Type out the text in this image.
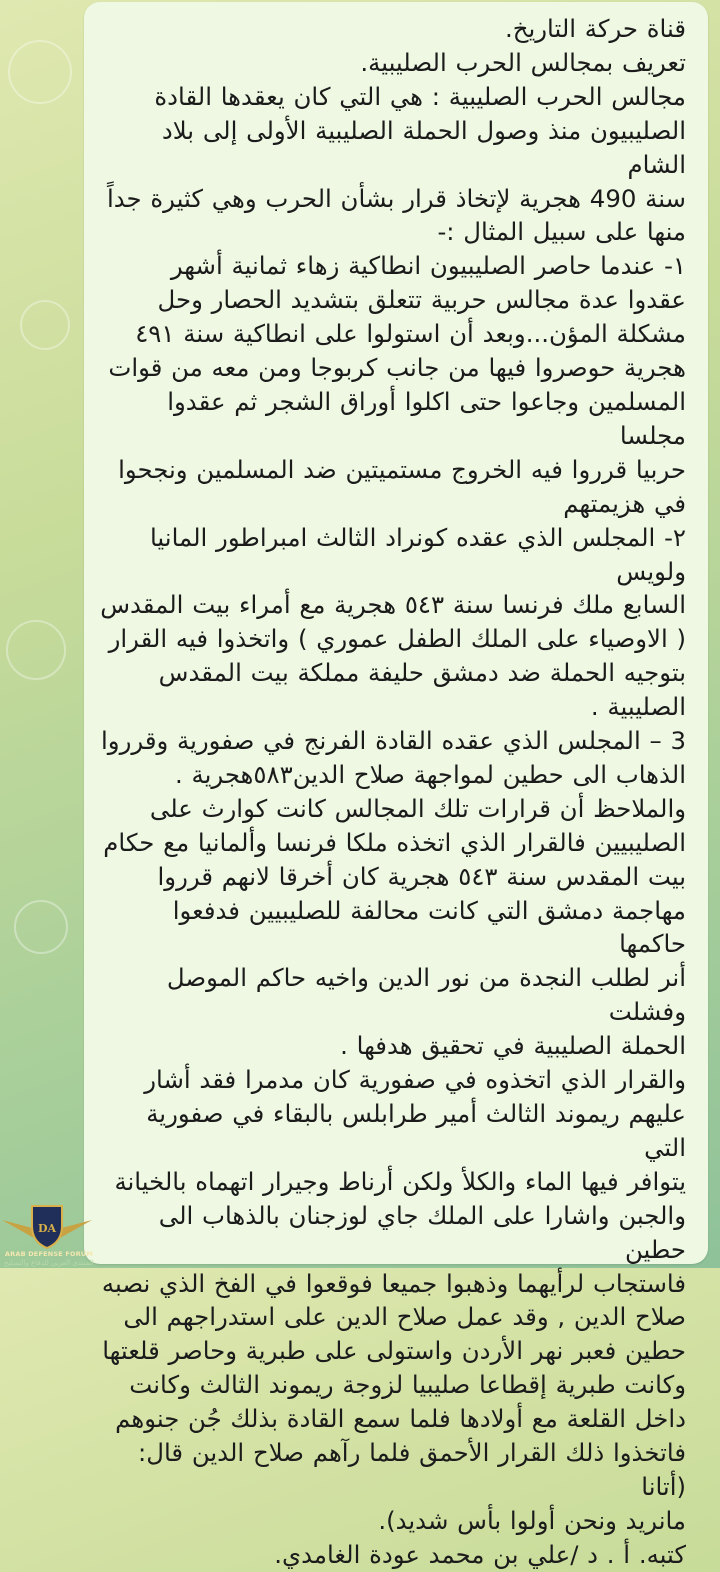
قناة حركة التاريخ.

تعريف بمجالس الحرب الصليبية.

مجالس الحرب الصليبية : هي التي كان يعقدها القادة

الصليبيون منذ وصول الحملة الصليبية الأولى إلى بلاد الشام

سنة 490 هجرية لإتخاذ قرار بشأن الحرب وهي كثيرة جداً

منها على سبيل المثال :-

١- عندما حاصر الصليبيون انطاكية زهاء ثمانية أشهر

عقدوا عدة مجالس حربية تتعلق بتشديد الحصار وحل

مشكلة المؤن...وبعد أن استولوا على انطاكية سنة ٤٩١

هجرية حوصروا فيها من جانب كربوجا ومن معه من قوات

المسلمين وجاعوا حتى اكلوا أوراق الشجر ثم عقدوا مجلسا

حربيا قرروا فيه الخروج مستميتين ضد المسلمين ونجحوا

في هزيمتهم

٢- المجلس الذي عقده كونراد الثالث امبراطور المانيا ولويس

السابع ملك فرنسا سنة ٥٤٣ هجرية مع أمراء بيت المقدس

( الاوصياء على الملك الطفل عموري ) واتخذوا فيه القرار

بتوجيه الحملة ضد دمشق حليفة مملكة بيت المقدس

الصليبية .

3 – المجلس الذي عقده القادة الفرنج في صفورية وقرروا

الذهاب الى حطين لمواجهة صلاح الدين٥٨٣هجرية .

والملاحظ أن قرارات تلك المجالس كانت كوارث على

الصليبيين فالقرار الذي اتخذه ملكا فرنسا وألمانيا مع حكام

بيت المقدس سنة ٥٤٣ هجرية كان أخرقا لانهم قرروا

مهاجمة دمشق التي كانت محالفة للصليبيين فدفعوا حاكمها

أنر لطلب النجدة من نور الدين واخيه حاكم الموصل وفشلت

الحملة الصليبية في تحقيق هدفها .

والقرار الذي اتخذوه في صفورية كان مدمرا فقد أشار

عليهم ريموند الثالث أمير طرابلس بالبقاء في صفورية التي

يتوافر فيها الماء والكلأ ولكن أرناط وجيرار اتهماه بالخيانة

والجبن واشارا على الملك جاي لوزجنان بالذهاب الى حطين

فاستجاب لرأيهما وذهبوا جميعا فوقعوا في الفخ الذي نصبه

صلاح الدين , وقد عمل صلاح الدين على استدراجهم الى

حطين فعبر نهر الأردن واستولى على طبرية وحاصر قلعتها

وكانت طبرية إقطاعا صليبيا لزوجة ريموند الثالث وكانت

داخل القلعة مع أولادها فلما سمع القادة بذلك جُن جنوهم

فاتخذوا ذلك القرار الأحمق فلما رآهم صلاح الدين قال:(أتانا

مانريد ونحن أولوا بأس شديد).

كتبه. أ . د /علي بن محمد عودة الغامدي.

DA
ARAB DEFENSE FORUM
المنتدى العربي للدفاع والتسليح
